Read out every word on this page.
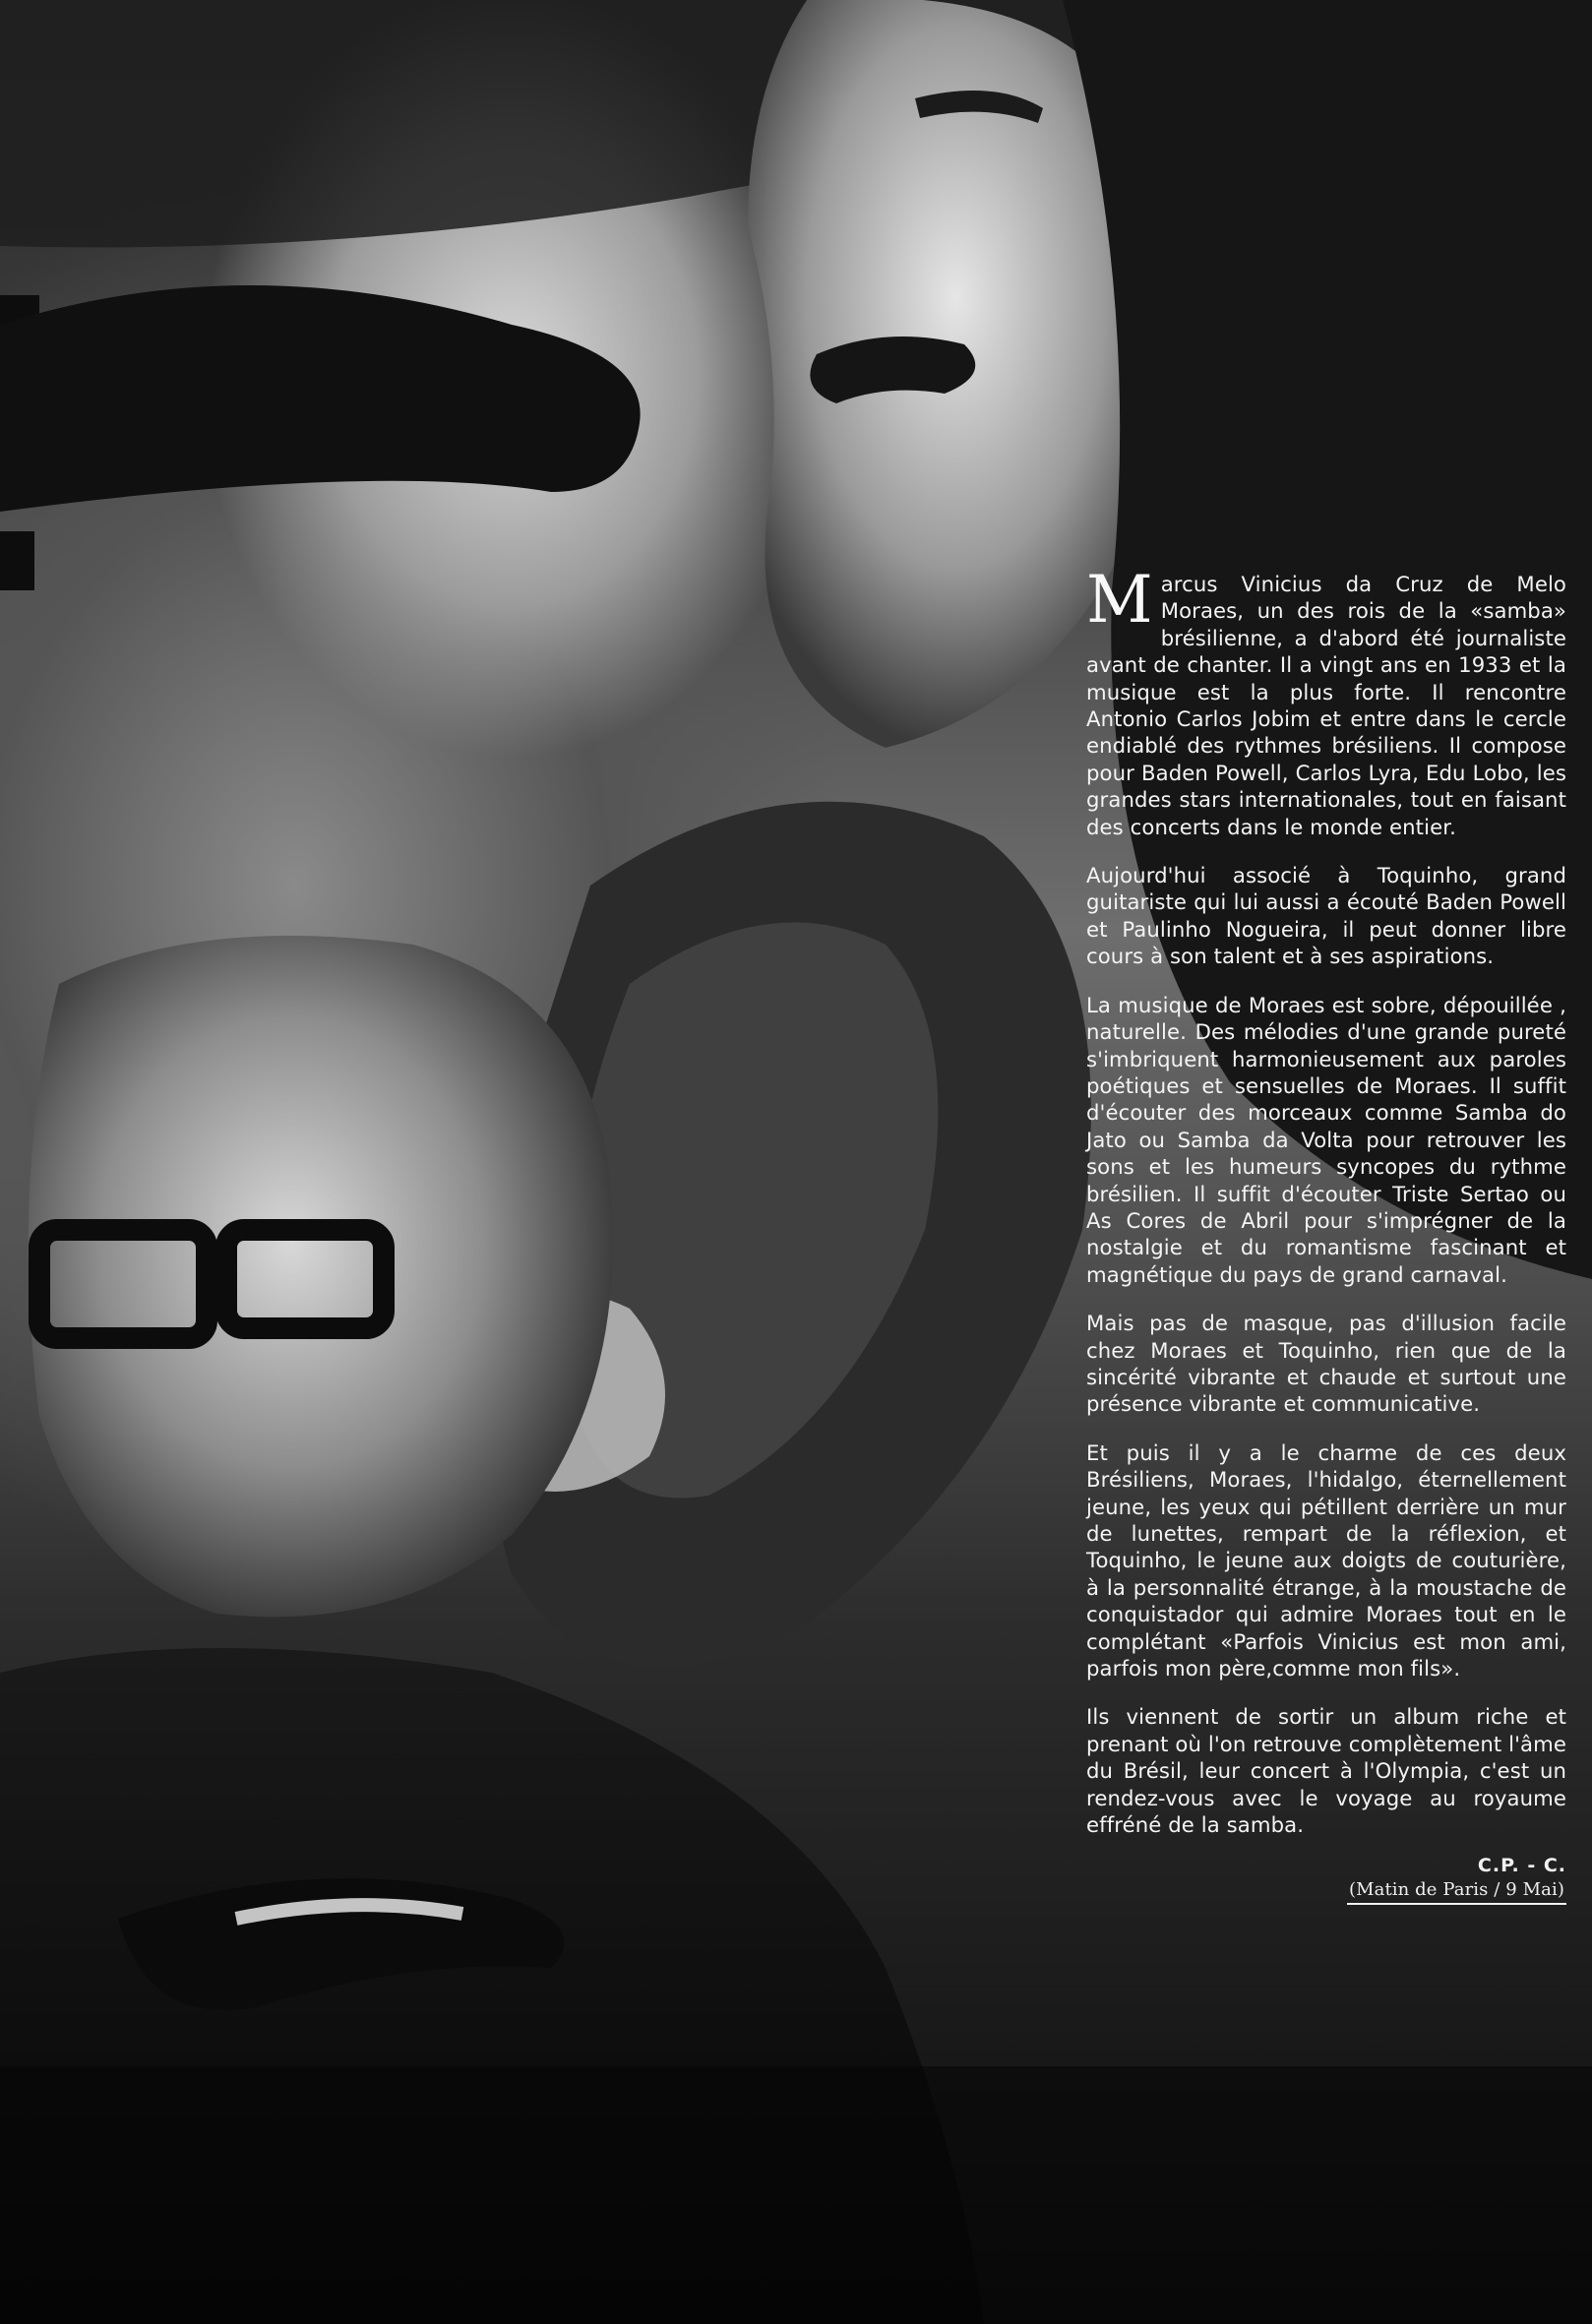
Marcus Vinicius da Cruz de Melo Moraes, un des rois de la «samba» brésilienne, a d'abord été journaliste avant de chanter. Il a vingt ans en 1933 et la musique est la plus forte. Il rencontre Antonio Carlos Jobim et entre dans le cercle endiablé des rythmes brésiliens. Il compose pour Baden Powell, Carlos Lyra, Edu Lobo, les grandes stars internationales, tout en faisant des concerts dans le monde entier.

Aujourd'hui associé à Toquinho, grand guitariste qui lui aussi a écouté Baden Powell et Paulinho Nogueira, il peut donner libre cours à son talent et à ses aspirations.

La musique de Moraes est sobre, dépouillée , naturelle. Des mélodies d'une grande pureté s'imbriquent harmonieusement aux paroles poétiques et sensuelles de Moraes. Il suffit d'écouter des morceaux comme Samba do Jato ou Samba da Volta pour retrouver les sons et les humeurs syncopes du rythme brésilien. Il suffit d'écouter Triste Sertao ou As Cores de Abril pour s'imprégner de la nostalgie et du romantisme fascinant et magnétique du pays de grand carnaval.

Mais pas de masque, pas d'illusion facile chez Moraes et Toquinho, rien que de la sincérité vibrante et chaude et surtout une présence vibrante et communicative.

Et puis il y a le charme de ces deux Brésiliens, Moraes, l'hidalgo, éternellement jeune, les yeux qui pétillent derrière un mur de lunettes, rempart de la réflexion, et Toquinho, le jeune aux doigts de couturière, à la personnalité étrange, à la moustache de conquistador qui admire Moraes tout en le complétant «Parfois Vinicius est mon ami, parfois mon père,comme mon fils».

Ils viennent de sortir un album riche et prenant où l'on retrouve complètement l'âme du Brésil, leur concert à l'Olympia, c'est un rendez-vous avec le voyage au royaume effréné de la samba.

C.P. - C.
(Matin de Paris / 9 Mai)
